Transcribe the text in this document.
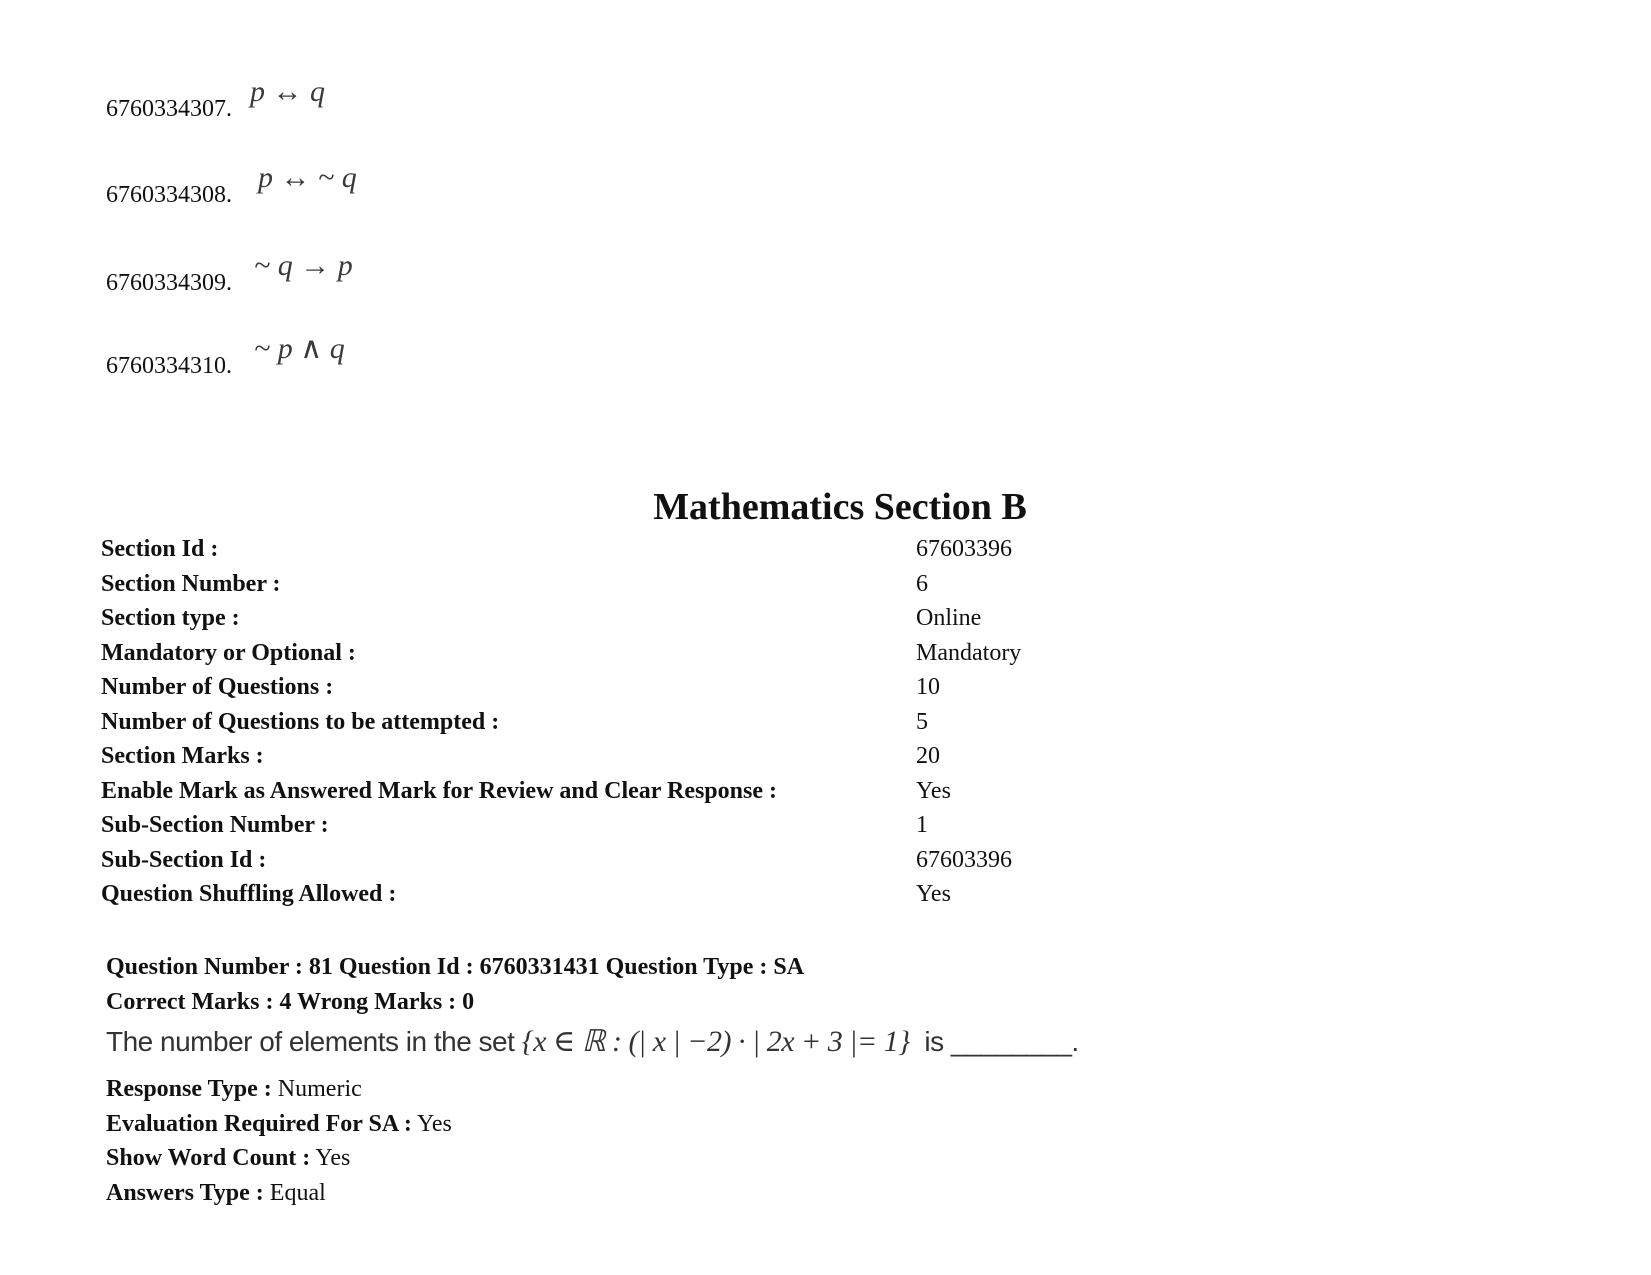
6760334307.
p ↔ q
6760334308.
p ↔ ~ q
6760334309.
~ q → p
6760334310.
~ p ∧ q
Mathematics Section B
Section Id :	67603396
Section Number :	6
Section type :	Online
Mandatory or Optional :	Mandatory
Number of Questions :	10
Number of Questions to be attempted :	5
Section Marks :	20
Enable Mark as Answered Mark for Review and Clear Response :	Yes
Sub-Section Number :	1
Sub-Section Id :	67603396
Question Shuffling Allowed :	Yes
Question Number : 81 Question Id : 6760331431 Question Type : SA
Correct Marks : 4 Wrong Marks : 0
The number of elements in the set {x ∈ ℝ : (| x | −2) · | 2x + 3 |= 1}  is ________.
Response Type : Numeric
Evaluation Required For SA : Yes
Show Word Count : Yes
Answers Type : Equal
